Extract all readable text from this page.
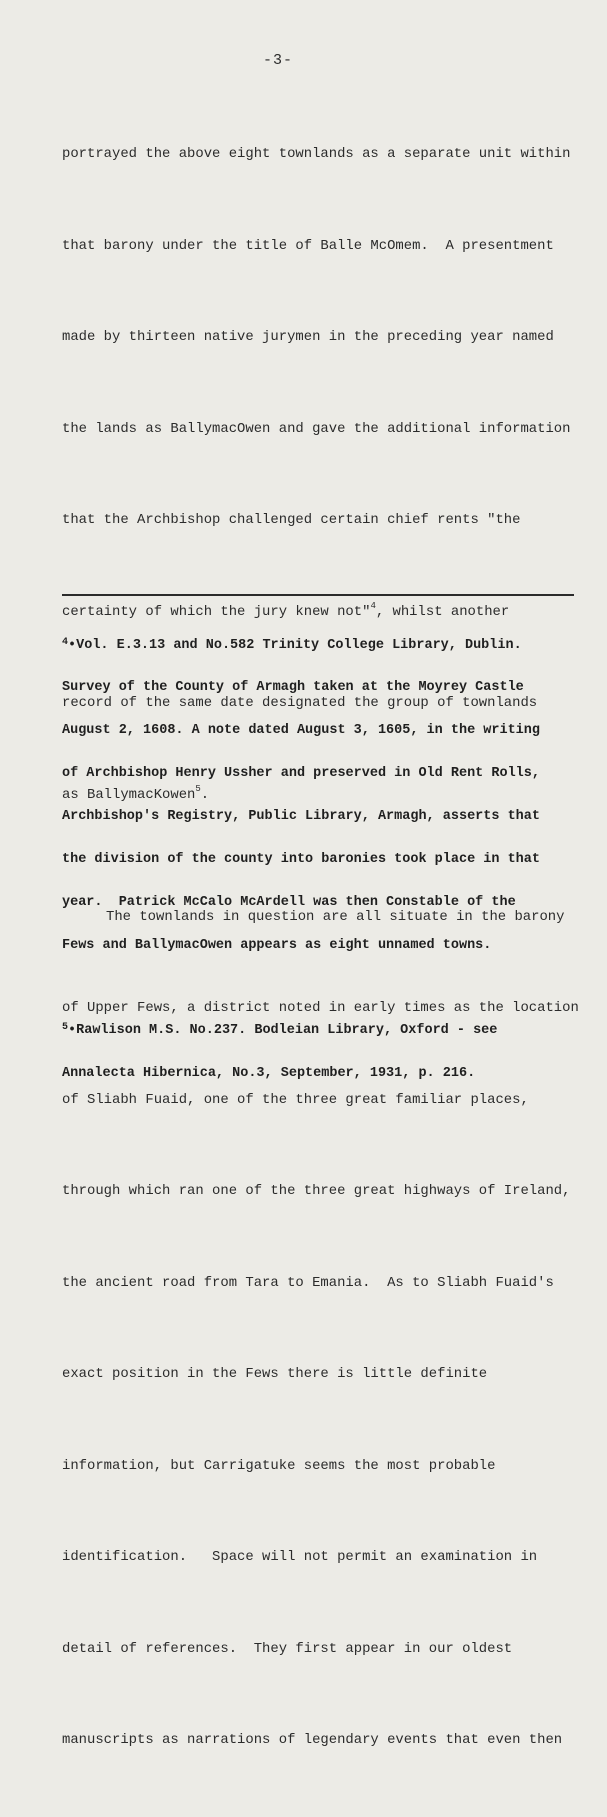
-3-

portrayed the above eight townlands as a separate unit within

that barony under the title of Balle McOmem.  A presentment

made by thirteen native jurymen in the preceding year named

the lands as BallymacOwen and gave the additional information

that the Archbishop challenged certain chief rents "the

certainty of which the jury knew not"$^4$, whilst another

record of the same date designated the group of townlands

as BallymacKowen$^5$.

The townlands in question are all situate in the barony

of Upper Fews, a district noted in early times as the location

of Sliabh Fuaid, one of the three great familiar places,

through which ran one of the three great highways of Ireland,

the ancient road from Tara to Emania.  As to Sliabh Fuaid's

exact position in the Fews there is little definite

information, but Carrigatuke seems the most probable

identification.   Space will not permit an examination in

detail of references.  They first appear in our oldest

manuscripts as narrations of legendary events that even then

$^4$•Vol. E.3.13 and No.582 Trinity College Library, Dublin.

Survey of the County of Armagh taken at the Moyrey Castle

August 2, 1608. A note dated August 3, 1605, in the writing

of Archbishop Henry Ussher and preserved in Old Rent Rolls,

Archbishop's Registry, Public Library, Armagh, asserts that

the division of the county into baronies took place in that

year.  Patrick McCalo McArdell was then Constable of the

Fews and BallymacOwen appears as eight unnamed towns.

$^5$•Rawlison M.S. No.237. Bodleian Library, Oxford - see

Annalecta Hibernica, No.3, September, 1931, p. 216.
